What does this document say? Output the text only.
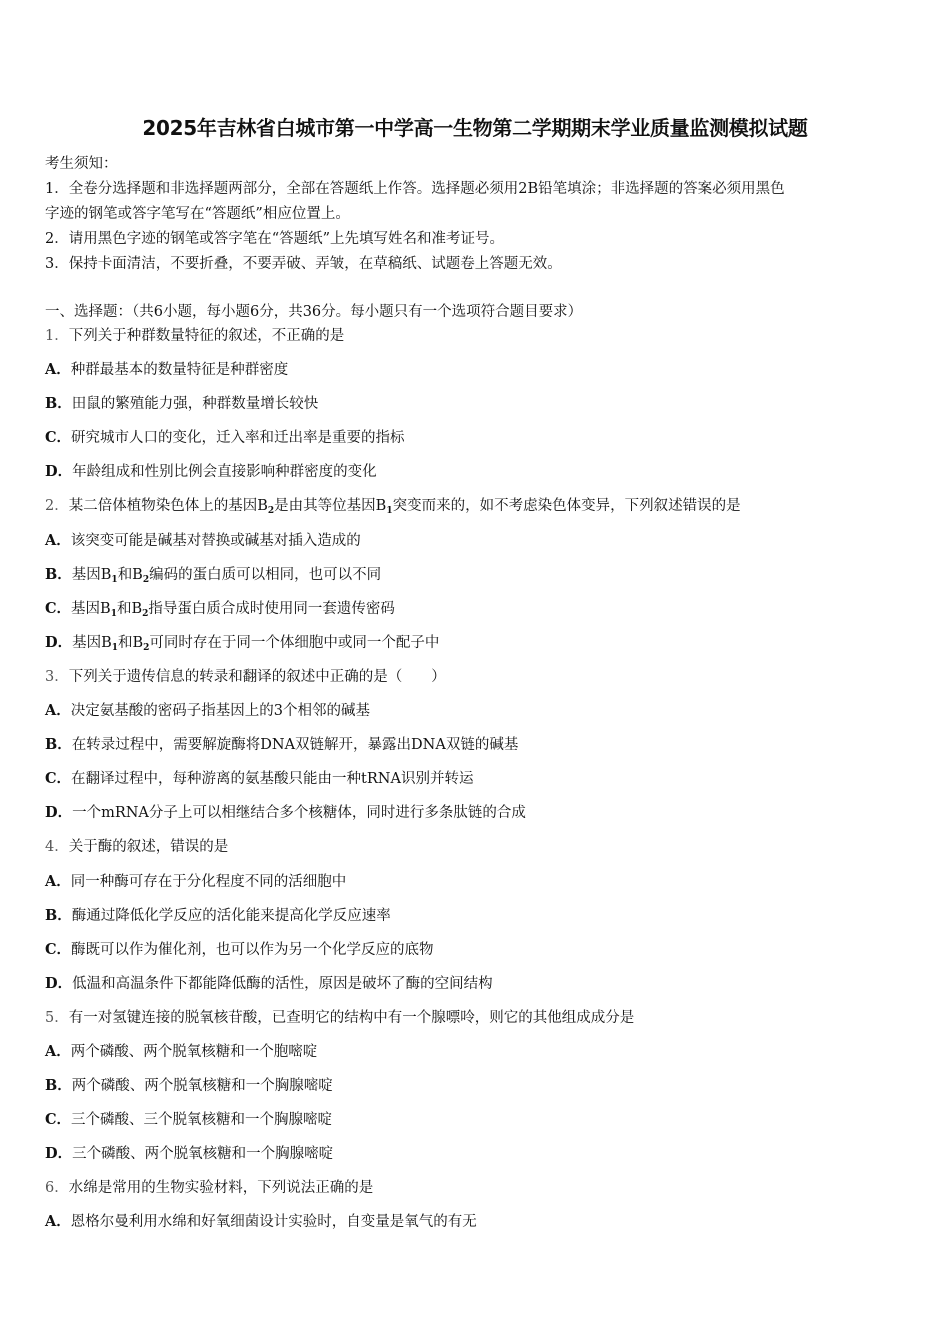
2025年吉林省白城市第一中学高一生物第二学期期末学业质量监测模拟试题

考生须知：

1．全卷分选择题和非选择题两部分，全部在答题纸上作答。选择题必须用2B铅笔填涂；非选择题的答案必须用黑色

字迹的钢笔或答字笔写在“答题纸”相应位置上。

2．请用黑色字迹的钢笔或答字笔在“答题纸”上先填写姓名和准考证号。

3．保持卡面清洁，不要折叠，不要弄破、弄皱，在草稿纸、试题卷上答题无效。

一、选择题：（共6小题，每小题6分，共36分。每小题只有一个选项符合题目要求）
1．下列关于种群数量特征的叙述，不正确的是
A．种群最基本的数量特征是种群密度
B．田鼠的繁殖能力强，种群数量增长较快
C．研究城市人口的变化，迁入率和迁出率是重要的指标
D．年龄组成和性别比例会直接影响种群密度的变化
2．某二倍体植物染色体上的基因$B_2$是由其等位基因$B_1$突变而来的，如不考虑染色体变异，下列叙述错误的是
A．该突变可能是碱基对替换或碱基对插入造成的
B．基因$B_1$和$B_2$编码的蛋白质可以相同，也可以不同
C．基因$B_1$和$B_2$指导蛋白质合成时使用同一套遗传密码
D．基因$B_1$和$B_2$可同时存在于同一个体细胞中或同一个配子中
3．下列关于遗传信息的转录和翻译的叙述中正确的是（　　）
A．决定氨基酸的密码子指基因上的3个相邻的碱基
B．在转录过程中，需要解旋酶将DNA双链解开，暴露出DNA双链的碱基
C．在翻译过程中，每种游离的氨基酸只能由一种tRNA识别并转运
D．一个mRNA分子上可以相继结合多个核糖体，同时进行多条肽链的合成
4．关于酶的叙述，错误的是
A．同一种酶可存在于分化程度不同的活细胞中
B．酶通过降低化学反应的活化能来提高化学反应速率
C．酶既可以作为催化剂，也可以作为另一个化学反应的底物
D．低温和高温条件下都能降低酶的活性，原因是破坏了酶的空间结构
5．有一对氢键连接的脱氧核苷酸，已查明它的结构中有一个腺嘌呤，则它的其他组成成分是
A．两个磷酸、两个脱氧核糖和一个胞嘧啶
B．两个磷酸、两个脱氧核糖和一个胸腺嘧啶
C．三个磷酸、三个脱氧核糖和一个胸腺嘧啶
D．三个磷酸、两个脱氧核糖和一个胸腺嘧啶
6．水绵是常用的生物实验材料，下列说法正确的是
A．恩格尔曼利用水绵和好氧细菌设计实验时，自变量是氧气的有无
